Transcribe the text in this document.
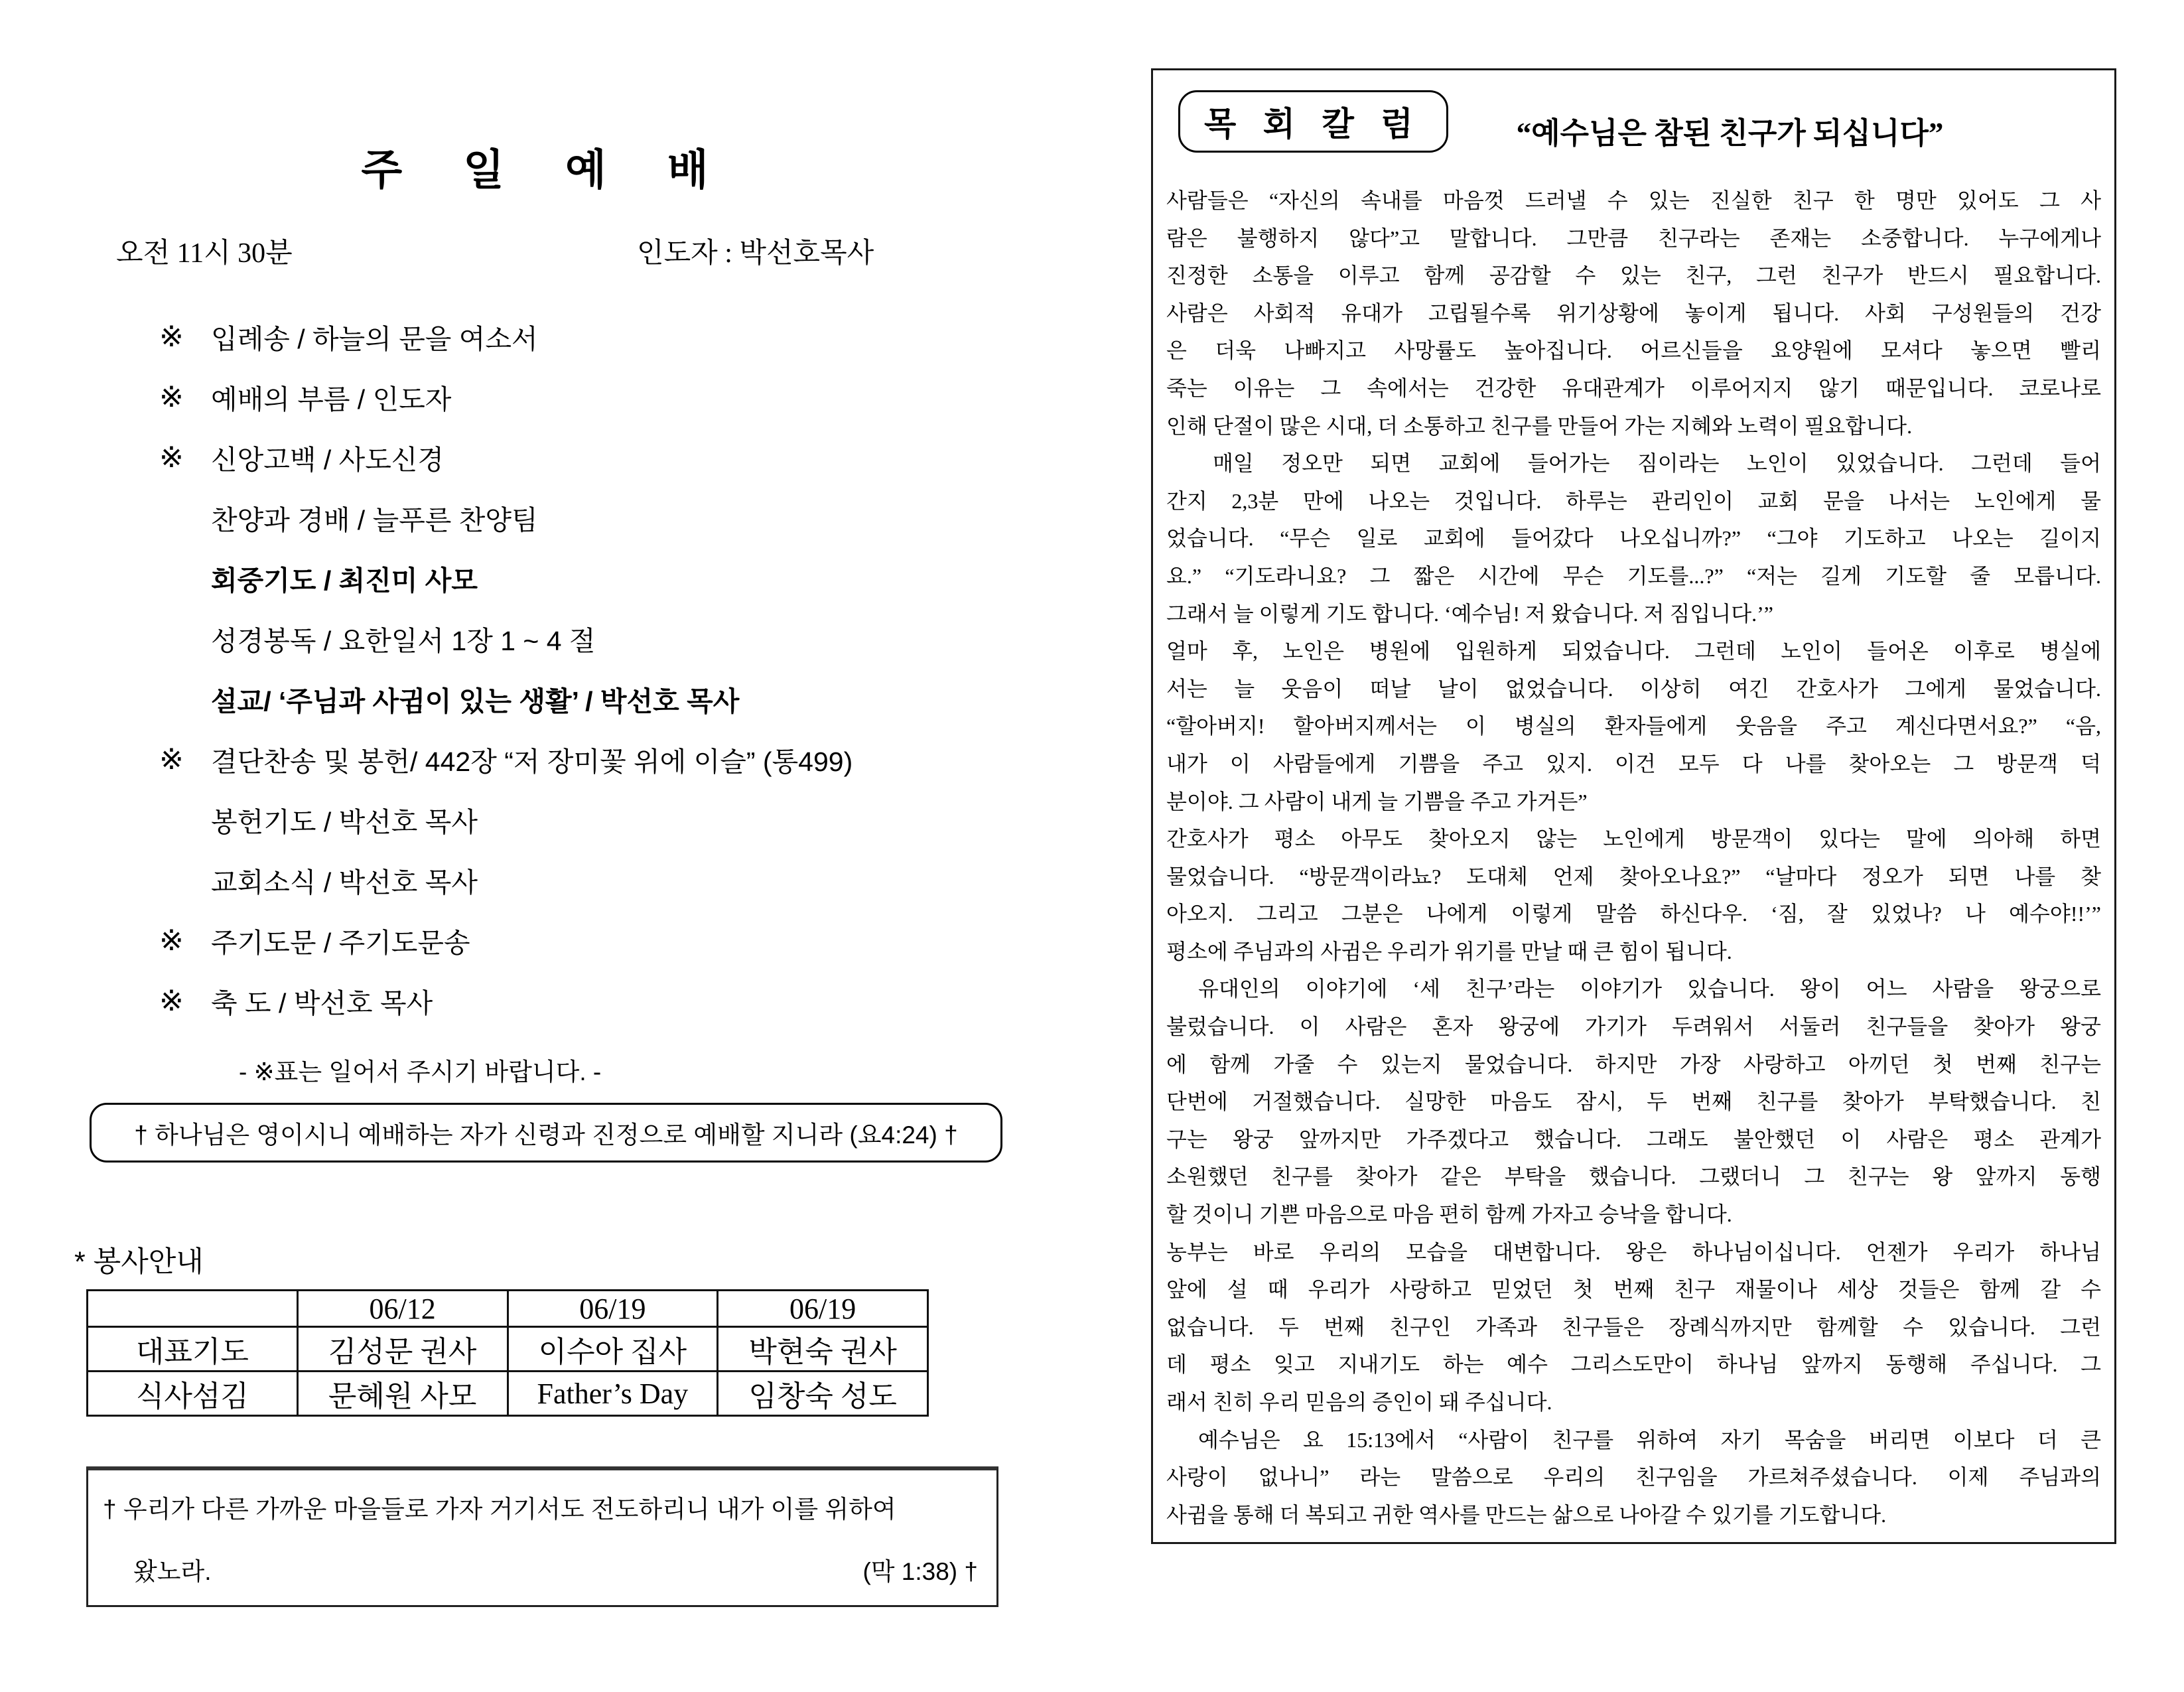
주 일 예 배
오전 11시 30분	인도자 : 박선호목사
※	입례송 / 하늘의 문을 여소서
※	예배의 부름 / 인도자
※	신앙고백 / 사도신경
찬양과 경배 / 늘푸른 찬양팀
회중기도 / 최진미 사모
성경봉독 / 요한일서 1장 1 ~ 4 절
설교/ ‘주님과 사귐이 있는 생활’ / 박선호 목사
※	결단찬송 및 봉헌/ 442장 “저 장미꽃 위에 이슬” (통499)
봉헌기도 / 박선호 목사
교회소식 / 박선호 목사
※	주기도문 / 주기도문송
※	축 도 / 박선호 목사
- ※표는 일어서 주시기 바랍니다. -
† 하나님은 영이시니 예배하는 자가 신령과 진정으로 예배할 지니라 (요4:24) †
* 봉사안내
	06/12	06/19	06/19
대표기도	김성문 권사	이수아 집사	박현숙 권사
식사섬김	문혜원 사모	Father’s Day	임창숙 성도
† 우리가 다른 가까운 마을들로 가자 거기서도 전도하리니 내가 이를 위하여
왔노라.	(막 1:38) †
목 회 칼 럼	“예수님은 참된 친구가 되십니다”
사람들은 “자신의 속내를 마음껏 드러낼 수 있는 진실한 친구 한 명만 있어도 그 사
람은 불행하지 않다”고 말합니다. 그만큼 친구라는 존재는 소중합니다. 누구에게나
진정한 소통을 이루고 함께 공감할 수 있는 친구, 그런 친구가 반드시 필요합니다.
사람은 사회적 유대가 고립될수록 위기상황에 놓이게 됩니다. 사회 구성원들의 건강
은 더욱 나빠지고 사망률도 높아집니다. 어르신들을 요양원에 모셔다 놓으면 빨리
죽는 이유는 그 속에서는 건강한 유대관계가 이루어지지 않기 때문입니다. 코로나로
인해 단절이 많은 시대, 더 소통하고 친구를 만들어 가는 지혜와 노력이 필요합니다.
매일 정오만 되면 교회에 들어가는 짐이라는 노인이 있었습니다. 그런데 들어
간지 2,3분 만에 나오는 것입니다. 하루는 관리인이 교회 문을 나서는 노인에게 물
었습니다. “무슨 일로 교회에 들어갔다 나오십니까?” “그야 기도하고 나오는 길이지
요.” “기도라니요? 그 짧은 시간에 무슨 기도를...?” “저는 길게 기도할 줄 모릅니다.
그래서 늘 이렇게 기도 합니다. ‘예수님! 저 왔습니다. 저 짐입니다.’”
얼마 후, 노인은 병원에 입원하게 되었습니다. 그런데 노인이 들어온 이후로 병실에
서는 늘 웃음이 떠날 날이 없었습니다. 이상히 여긴 간호사가 그에게 물었습니다.
“할아버지! 할아버지께서는 이 병실의 환자들에게 웃음을 주고 계신다면서요?” “음,
내가 이 사람들에게 기쁨을 주고 있지. 이건 모두 다 나를 찾아오는 그 방문객 덕
분이야. 그 사람이 내게 늘 기쁨을 주고 가거든”
간호사가 평소 아무도 찾아오지 않는 노인에게 방문객이 있다는 말에 의아해 하면
물었습니다. “방문객이라뇨? 도대체 언제 찾아오나요?” “날마다 정오가 되면 나를 찾
아오지. 그리고 그분은 나에게 이렇게 말씀 하신다우. ‘짐, 잘 있었나? 나 예수야!!’”
평소에 주님과의 사귐은 우리가 위기를 만날 때 큰 힘이 됩니다.
유대인의 이야기에 ‘세 친구’라는 이야기가 있습니다. 왕이 어느 사람을 왕궁으로
불렀습니다. 이 사람은 혼자 왕궁에 가기가 두려워서 서둘러 친구들을 찾아가 왕궁
에 함께 가줄 수 있는지 물었습니다. 하지만 가장 사랑하고 아끼던 첫 번째 친구는
단번에 거절했습니다. 실망한 마음도 잠시, 두 번째 친구를 찾아가 부탁했습니다. 친
구는 왕궁 앞까지만 가주겠다고 했습니다. 그래도 불안했던 이 사람은 평소 관계가
소원했던 친구를 찾아가 같은 부탁을 했습니다. 그랬더니 그 친구는 왕 앞까지 동행
할 것이니 기쁜 마음으로 마음 편히 함께 가자고 승낙을 합니다.
농부는 바로 우리의 모습을 대변합니다. 왕은 하나님이십니다. 언젠가 우리가 하나님
앞에 설 때 우리가 사랑하고 믿었던 첫 번째 친구 재물이나 세상 것들은 함께 갈 수
없습니다. 두 번째 친구인 가족과 친구들은 장례식까지만 함께할 수 있습니다. 그런
데 평소 잊고 지내기도 하는 예수 그리스도만이 하나님 앞까지 동행해 주십니다. 그
래서 친히 우리 믿음의 증인이 돼 주십니다.
예수님은 요 15:13에서 “사람이 친구를 위하여 자기 목숨을 버리면 이보다 더 큰
사랑이 없나니” 라는 말씀으로 우리의 친구임을 가르쳐주셨습니다. 이제 주님과의
사귐을 통해 더 복되고 귀한 역사를 만드는 삶으로 나아갈 수 있기를 기도합니다.
